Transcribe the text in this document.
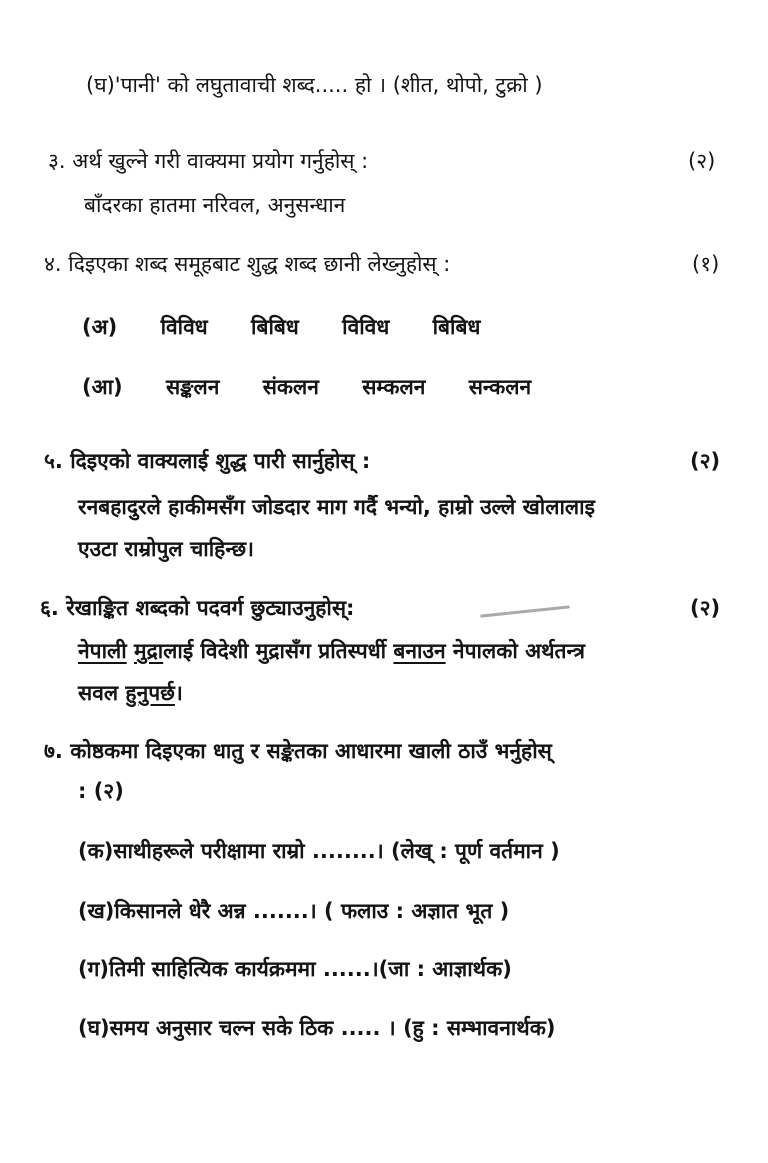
(घ)'पानी' को लघुतावाची शब्द..... हो । (शीत, थोपो, टुक्रो )
३. अर्थ खुल्ने गरी वाक्यमा प्रयोग गर्नुहोस् :	(२)
बाँदरका हातमा नरिवल, अनुसन्धान
४. दिइएका शब्द समूहबाट शुद्ध शब्द छानी लेख्नुहोस् :	(१)
(अ) विविध बिबिध विविध बिबिध
(आ) सङ्कलन संकलन सम्कलन सन्कलन
५. दिइएको वाक्यलाई शुद्ध पारी सार्नुहोस् :	(२)
रनबहादुरले हाकीमसँग जोडदार माग गर्दै भन्यो, हाम्रो उल्ले खोलालाइ
एउटा राम्रोपुल चाहिन्छ।
६. रेखाङ्कित शब्दको पदवर्ग छुट्याउनुहोस्:	(२)
नेपाली मुद्रालाई विदेशी मुद्रासँग प्रतिस्पर्धी बनाउन नेपालको अर्थतन्त्र
सवल हुनुपर्छ।
७. कोष्ठकमा दिइएका धातु र सङ्केतका आधारमा खाली ठाउँ भर्नुहोस्
: (२)
(क)साथीहरूले परीक्षामा राम्रो ........। (लेख् : पूर्ण वर्तमान )
(ख)किसानले धेरै अन्न .......। ( फलाउ : अज्ञात भूत )
(ग)तिमी साहित्यिक कार्यक्रममा ......।(जा : आज्ञार्थक)
(घ)समय अनुसार चल्न सके ठिक ..... । (हु : सम्भावनार्थक)
